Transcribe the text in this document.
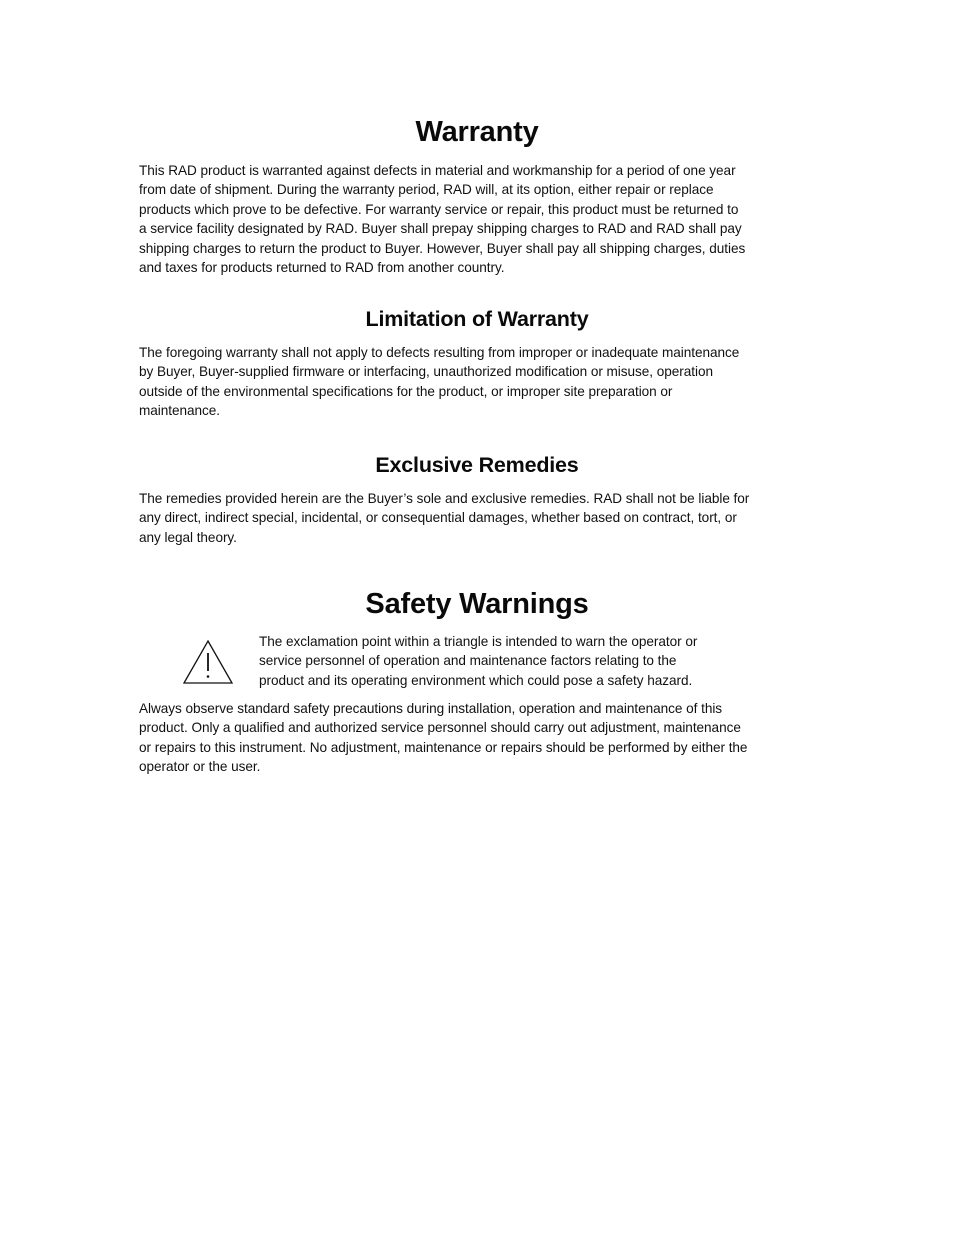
Warranty

This RAD product is warranted against defects in material and workmanship for a period of one year
from date of shipment. During the warranty period, RAD will, at its option, either repair or replace
products which prove to be defective. For warranty service or repair, this product must be returned to
a service facility designated by RAD. Buyer shall prepay shipping charges to RAD and RAD shall pay
shipping charges to return the product to Buyer. However, Buyer shall pay all shipping charges, duties
and taxes for products returned to RAD from another country.

Limitation of Warranty

The foregoing warranty shall not apply to defects resulting from improper or inadequate maintenance
by Buyer, Buyer-supplied firmware or interfacing, unauthorized modification or misuse, operation
outside of the environmental specifications for the product, or improper site preparation or
maintenance.

Exclusive Remedies

The remedies provided herein are the Buyer’s sole and exclusive remedies. RAD shall not be liable for
any direct, indirect special, incidental, or consequential damages, whether based on contract, tort, or
any legal theory.

Safety Warnings

The exclamation point within a triangle is intended to warn the operator or
service personnel of operation and maintenance factors relating to the
product and its operating environment which could pose a safety hazard.

Always observe standard safety precautions during installation, operation and maintenance of this
product. Only a qualified and authorized service personnel should carry out adjustment, maintenance
or repairs to this instrument. No adjustment, maintenance or repairs should be performed by either the
operator or the user.
